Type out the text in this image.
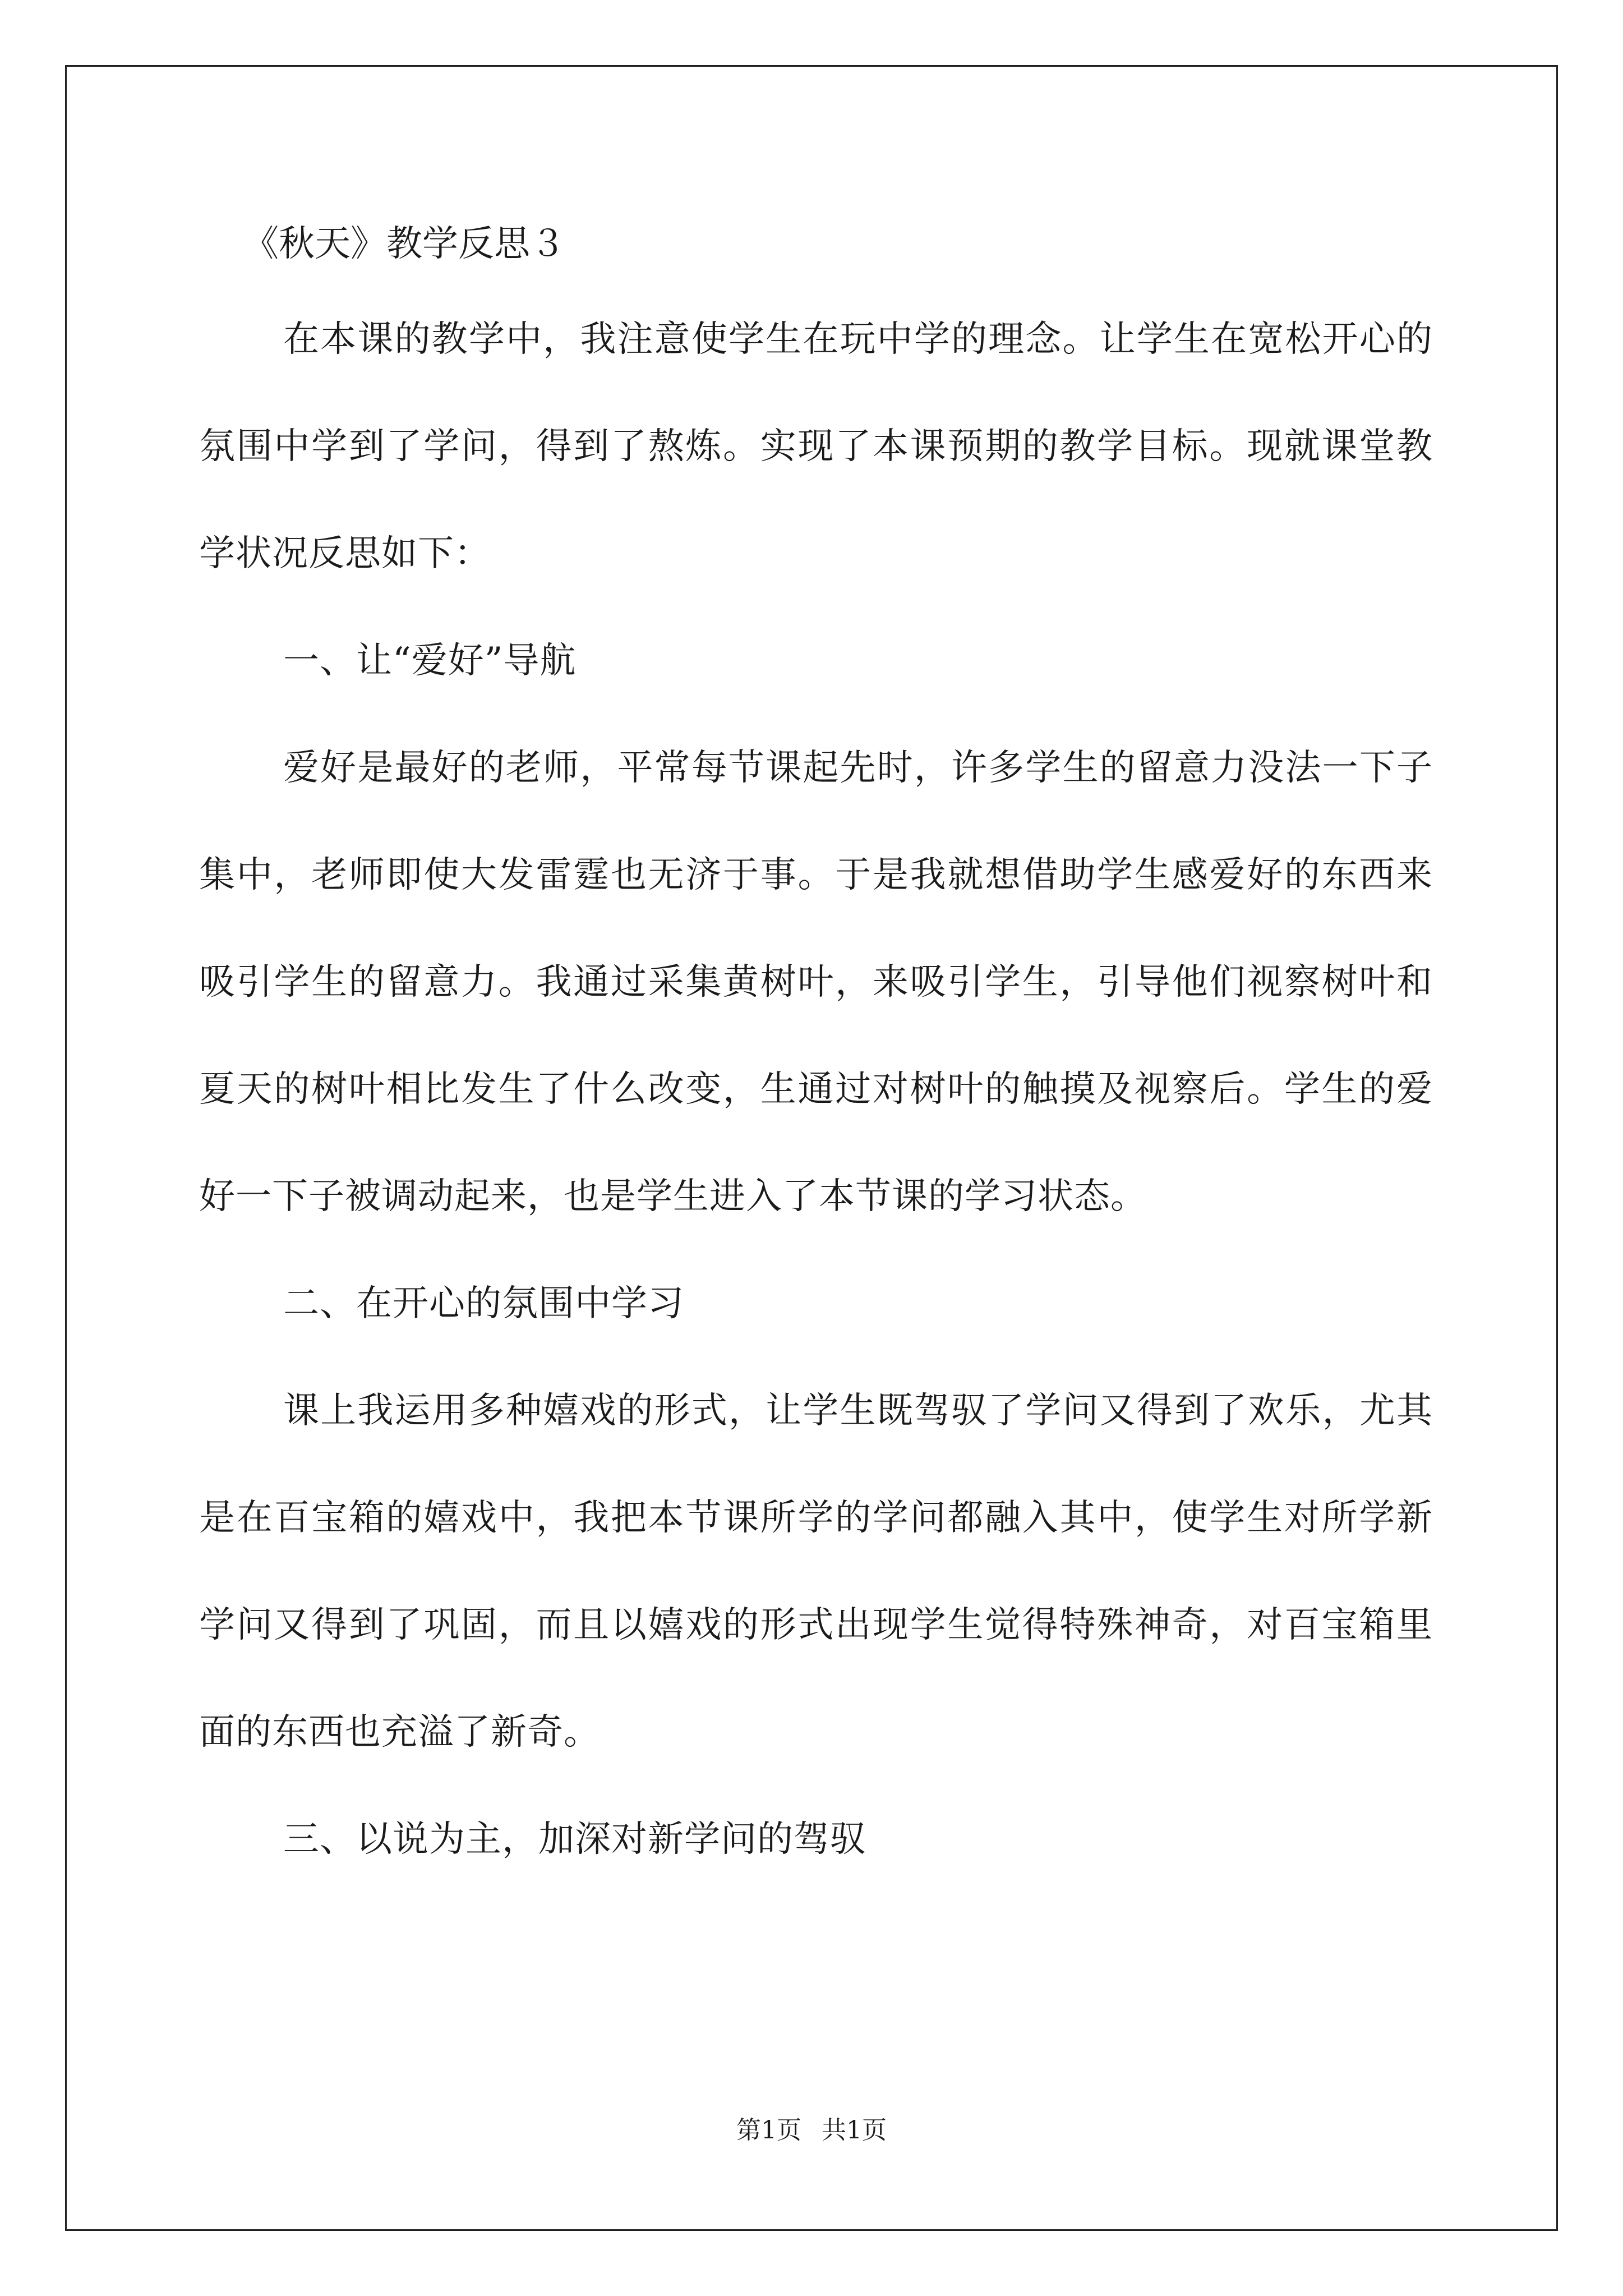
《秋天》教学反思３

在本课的教学中，我注意使学生在玩中学的理念。让学生在宽松开心的氛围中学到了学问，得到了熬炼。实现了本课预期的教学目标。现就课堂教学状况反思如下：

一、让“爱好”导航

爱好是最好的老师，平常每节课起先时，许多学生的留意力没法一下子集中，老师即使大发雷霆也无济于事。于是我就想借助学生感爱好的东西来吸引学生的留意力。我通过采集黄树叶，来吸引学生，引导他们视察树叶和夏天的树叶相比发生了什么改变，生通过对树叶的触摸及视察后。学生的爱好一下子被调动起来，也是学生进入了本节课的学习状态。

二、在开心的氛围中学习

课上我运用多种嬉戏的形式，让学生既驾驭了学问又得到了欢乐，尤其是在百宝箱的嬉戏中，我把本节课所学的学问都融入其中，使学生对所学新学问又得到了巩固，而且以嬉戏的形式出现学生觉得特殊神奇，对百宝箱里面的东西也充溢了新奇。

三、以说为主，加深对新学问的驾驭
第1页 共1页
